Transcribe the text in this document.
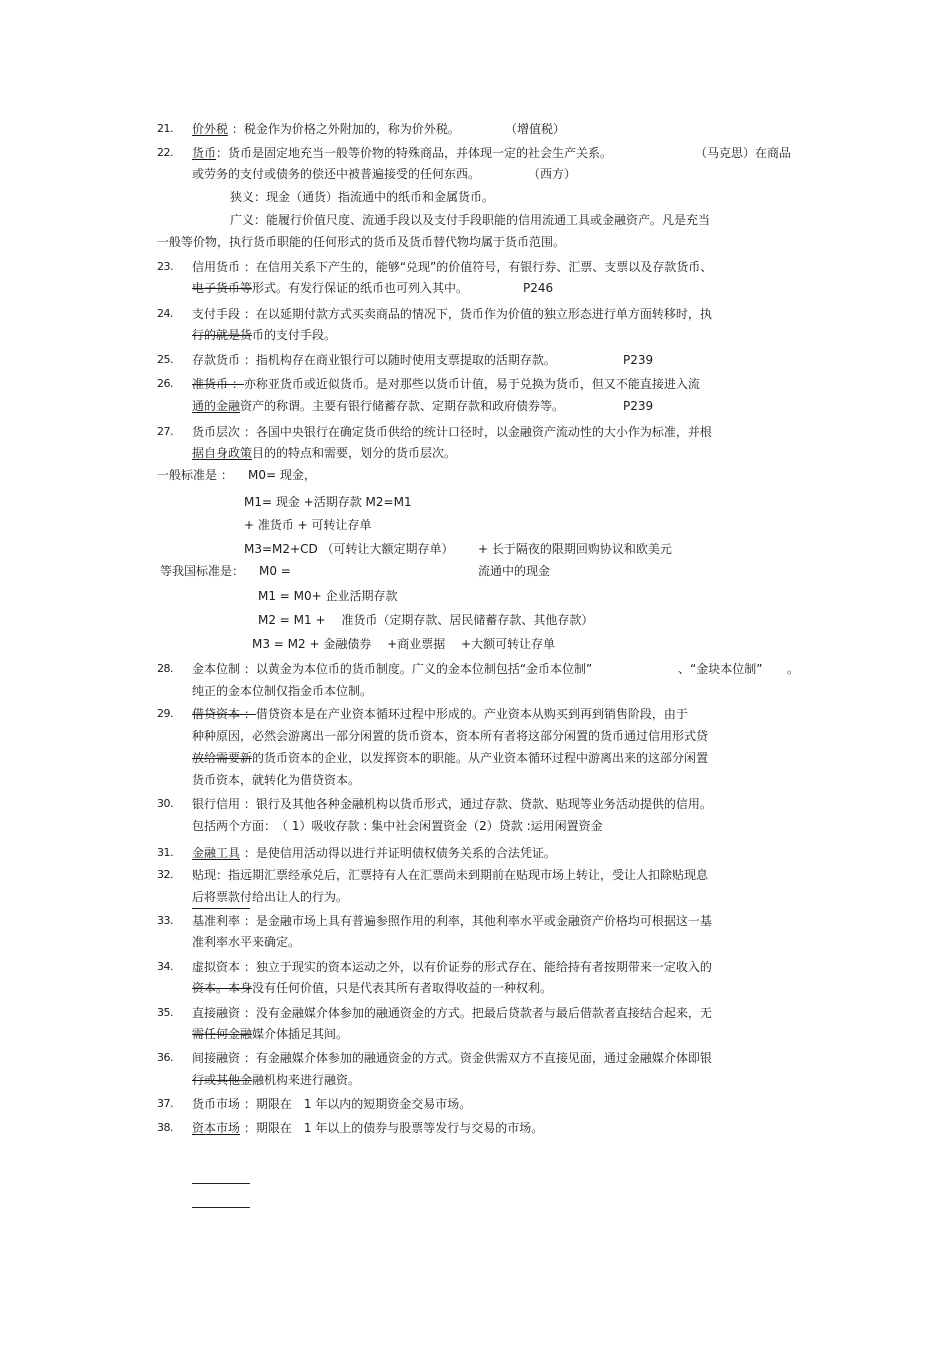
21. 价外税 ：税金作为价格之外附加的，称为价外税。	（增值税）
22. 货币：货币是固定地充当一般等价物的特殊商品，并体现一定的社会生产关系。	（马克思）在商品
或劳务的支付或债务的偿还中被普遍接受的任何东西。	（西方）
狭义：现金（通货）指流通中的纸币和金属货币。
广义：能履行价值尺度、流通手段以及支付手段职能的信用流通工具或金融资产。凡是充当
一般等价物，执行货币职能的任何形式的货币及货币替代物均属于货币范围。
23. 信用货币 ：在信用关系下产生的，能够“兑现”的价值符号，有银行券、汇票、支票以及存款货币、
电子货币等形式。有发行保证的纸币也可列入其中。	P246
24. 支付手段 ：在以延期付款方式买卖商品的情况下，货币作为价值的独立形态进行单方面转移时，执
行的就是货币的支付手段。
25. 存款货币 ：指机构存在商业银行可以随时使用支票提取的活期存款。	P239
26. 准货币 ：亦称亚货币或近似货币。是对那些以货币计值，易于兑换为货币，但又不能直接进入流
通的金融资产的称谓。主要有银行储蓄存款、定期存款和政府债券等。	P239
27. 货币层次 ：各国中央银行在确定货币供给的统计口径时，以金融资产流动性的大小作为标准，并根
据自身政策目的的特点和需要，划分的货币层次。
一般标准是 ： M0= 现金，
M1= 现金 +活期存款 M2=M1
+ 准货币 + 可转让存单
M3=M2+CD （可转让大额定期存单） + 长于隔夜的限期回购协议和欧美元
等我国标准是： M0 =	流通中的现金
M1 = M0+ 企业活期存款
M2 = M1 +　 准货币（定期存款、居民储蓄存款、其他存款）
M3 = M2 + 金融债券　 +商业票据　 +大额可转让存单
28. 金本位制 ：以黄金为本位币的货币制度。广义的金本位制包括“金币本位制”	、“金块本位制” 。
纯正的金本位制仅指金币本位制。
29. 借贷资本 ：借贷资本是在产业资本循环过程中形成的。产业资本从购买到再到销售阶段，由于
种种原因，必然会游离出一部分闲置的货币资本，资本所有者将这部分闲置的货币通过信用形式贷
放给需要新的货币资本的企业，以发挥资本的职能。从产业资本循环过程中游离出来的这部分闲置
货币资本，就转化为借贷资本。
30. 银行信用 ：银行及其他各种金融机构以货币形式，通过存款、贷款、贴现等业务活动提供的信用。
包括两个方面：　（ 1）吸收存款 : 集中社会闲置资金（2）贷款 :运用闲置资金
31. 金融工具 ：是使信用活动得以进行并证明债权债务关系的合法凭证。
32. 贴现：指远期汇票经承兑后，汇票持有人在汇票尚未到期前在贴现市场上转让，受让人扣除贴现息
后将票款付给出让人的行为。
33. 基准利率 ：是金融市场上具有普遍参照作用的利率，其他利率水平或金融资产价格均可根据这一基
准利率水平来确定。
34. 虚拟资本 ：独立于现实的资本运动之外，以有价证券的形式存在、能给持有者按期带来一定收入的
资本。本身没有任何价值，只是代表其所有者取得收益的一种权利。
35. 直接融资 ：没有金融媒介体参加的融通资金的方式。把最后贷款者与最后借款者直接结合起来，无
需任何金融媒介体插足其间。
36. 间接融资 ：有金融媒介体参加的融通资金的方式。资金供需双方不直接见面，通过金融媒介体即银
行或其他金融机构来进行融资。
37. 货币市场 ：期限在　1 年以内的短期资金交易市场。
38. 资本市场 ：期限在　1 年以上的债券与股票等发行与交易的市场。
